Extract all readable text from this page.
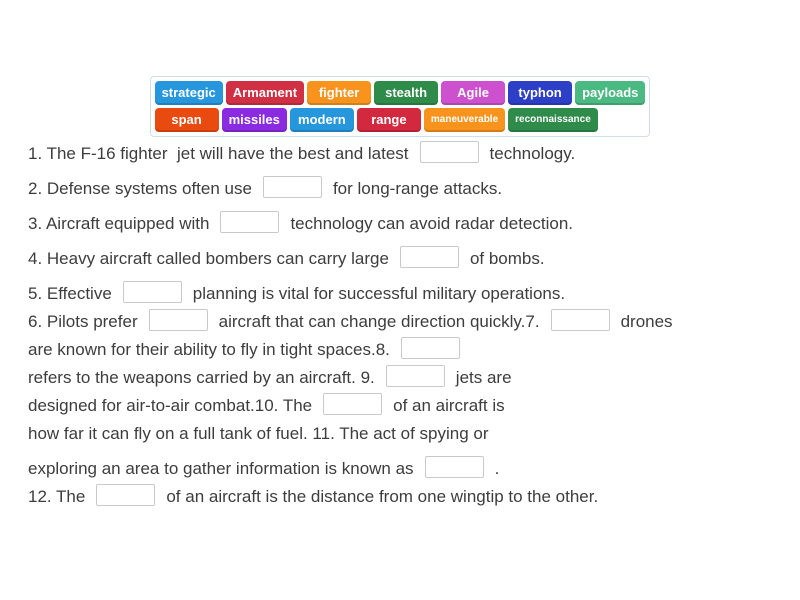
strategic	Armament	fighter	stealth	Agile	typhon	payloads
span	missiles	modern	range	maneuverable	reconnaissance
1. The F-16 fighter  jet will have the best and latest	technology.
2. Defense systems often use	for long-range attacks.
3. Aircraft equipped with	technology can avoid radar detection.
4. Heavy aircraft called bombers can carry large	of bombs.
5. Effective	planning is vital for successful military operations.
6. Pilots prefer	aircraft that can change direction quickly.7.	drones
are known for their ability to fly in tight spaces.8.
refers to the weapons carried by an aircraft. 9.	jets are
designed for air-to-air combat.10. The	of an aircraft is
how far it can fly on a full tank of fuel. 11. The act of spying or
exploring an area to gather information is known as	.
12. The	of an aircraft is the distance from one wingtip to the other.
